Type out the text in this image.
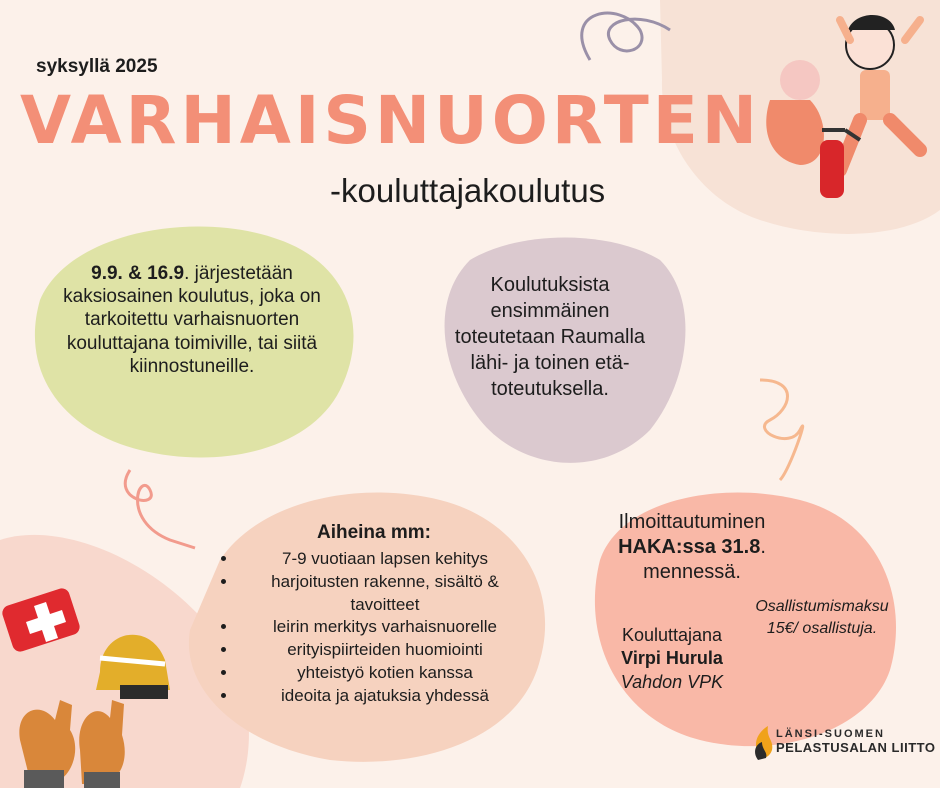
syksyllä 2025
VARHAISNUORTEN
-kouluttajakoulutus
9.9. & 16.9. järjestetään kaksiosainen koulutus, joka on tarkoitettu varhaisnuorten kouluttajana toimiville, tai siitä kiinnostuneille.
Koulutuksista ensimmäinen toteutetaan Raumalla lähi- ja toinen etä-toteutuksella.
Aiheina mm:
• 7-9 vuotiaan lapsen kehitys
• harjoitusten rakenne, sisältö & tavoitteet
• leirin merkitys varhaisnuorelle
• erityispiirteiden huomiointi
• yhteistyö kotien kanssa
• ideoita ja ajatuksia yhdessä
Ilmoittautuminen
HAKA:ssa 31.8.
mennessä.
Osallistumismaksu
15€/ osallistuja.
Kouluttajana
Virpi Hurula
Vahdon VPK
LÄNSI-SUOMEN
PELASTUSALAN LIITTO
